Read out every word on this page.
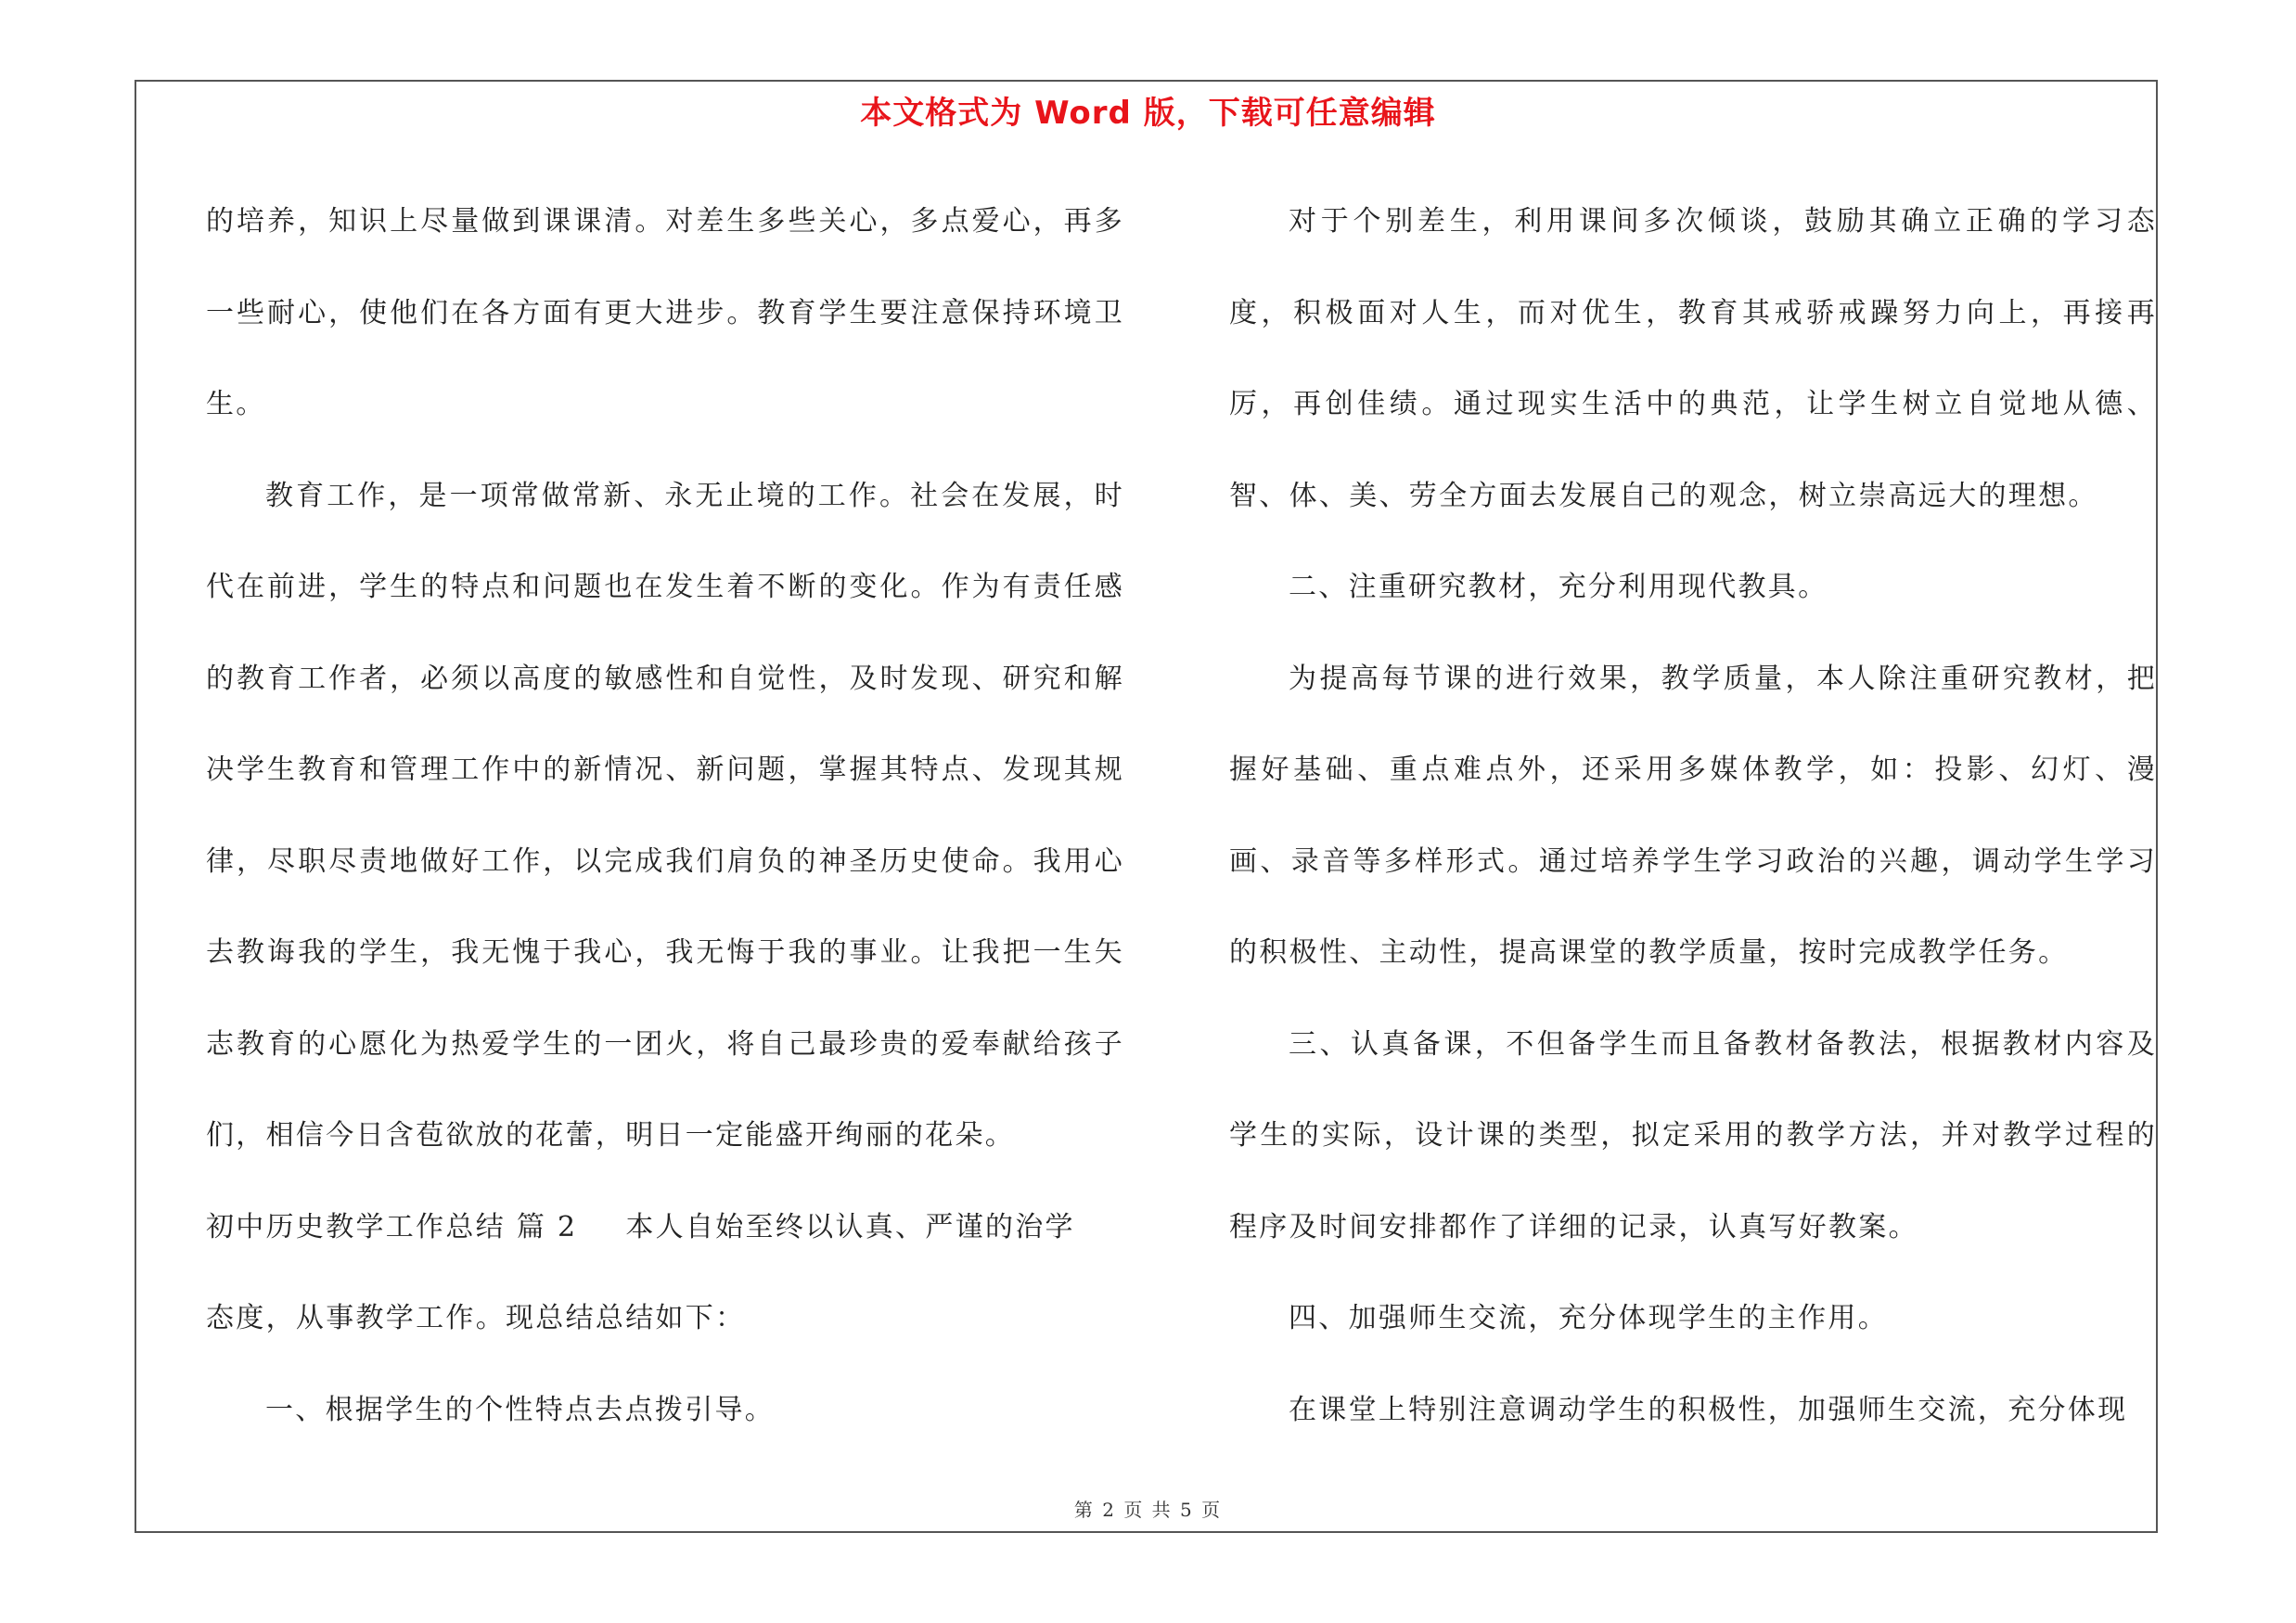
本文格式为 Word 版，下载可任意编辑

的培养，知识上尽量做到课课清。对差生多些关心，多点爱心，再多一些耐心，使他们在各方面有更大进步。教育学生要注意保持环境卫生。

教育工作，是一项常做常新、永无止境的工作。社会在发展，时代在前进，学生的特点和问题也在发生着不断的变化。作为有责任感的教育工作者，必须以高度的敏感性和自觉性，及时发现、研究和解决学生教育和管理工作中的新情况、新问题，掌握其特点、发现其规律，尽职尽责地做好工作，以完成我们肩负的神圣历史使命。我用心去教诲我的学生，我无愧于我心，我无悔于我的事业。让我把一生矢志教育的心愿化为热爱学生的一团火，将自己最珍贵的爱奉献给孩子们，相信今日含苞欲放的花蕾，明日一定能盛开绚丽的花朵。

初中历史教学工作总结 篇 2 本人自始至终以认真、严谨的治学

态度，从事教学工作。现总结总结如下：

一、根据学生的个性特点去点拨引导。

对于个别差生，利用课间多次倾谈，鼓励其确立正确的学习态度，积极面对人生，而对优生，教育其戒骄戒躁努力向上，再接再厉，再创佳绩。通过现实生活中的典范，让学生树立自觉地从德、智、体、美、劳全方面去发展自己的观念，树立崇高远大的理想。

二、注重研究教材，充分利用现代教具。

为提高每节课的进行效果，教学质量，本人除注重研究教材，把握好基础、重点难点外，还采用多媒体教学，如：投影、幻灯、漫画、录音等多样形式。通过培养学生学习政治的兴趣，调动学生学习的积极性、主动性，提高课堂的教学质量，按时完成教学任务。

三、认真备课，不但备学生而且备教材备教法，根据教材内容及学生的实际，设计课的类型，拟定采用的教学方法，并对教学过程的程序及时间安排都作了详细的记录，认真写好教案。

四、加强师生交流，充分体现学生的主作用。

在课堂上特别注意调动学生的积极性，加强师生交流，充分体现

第 2 页 共 5 页
